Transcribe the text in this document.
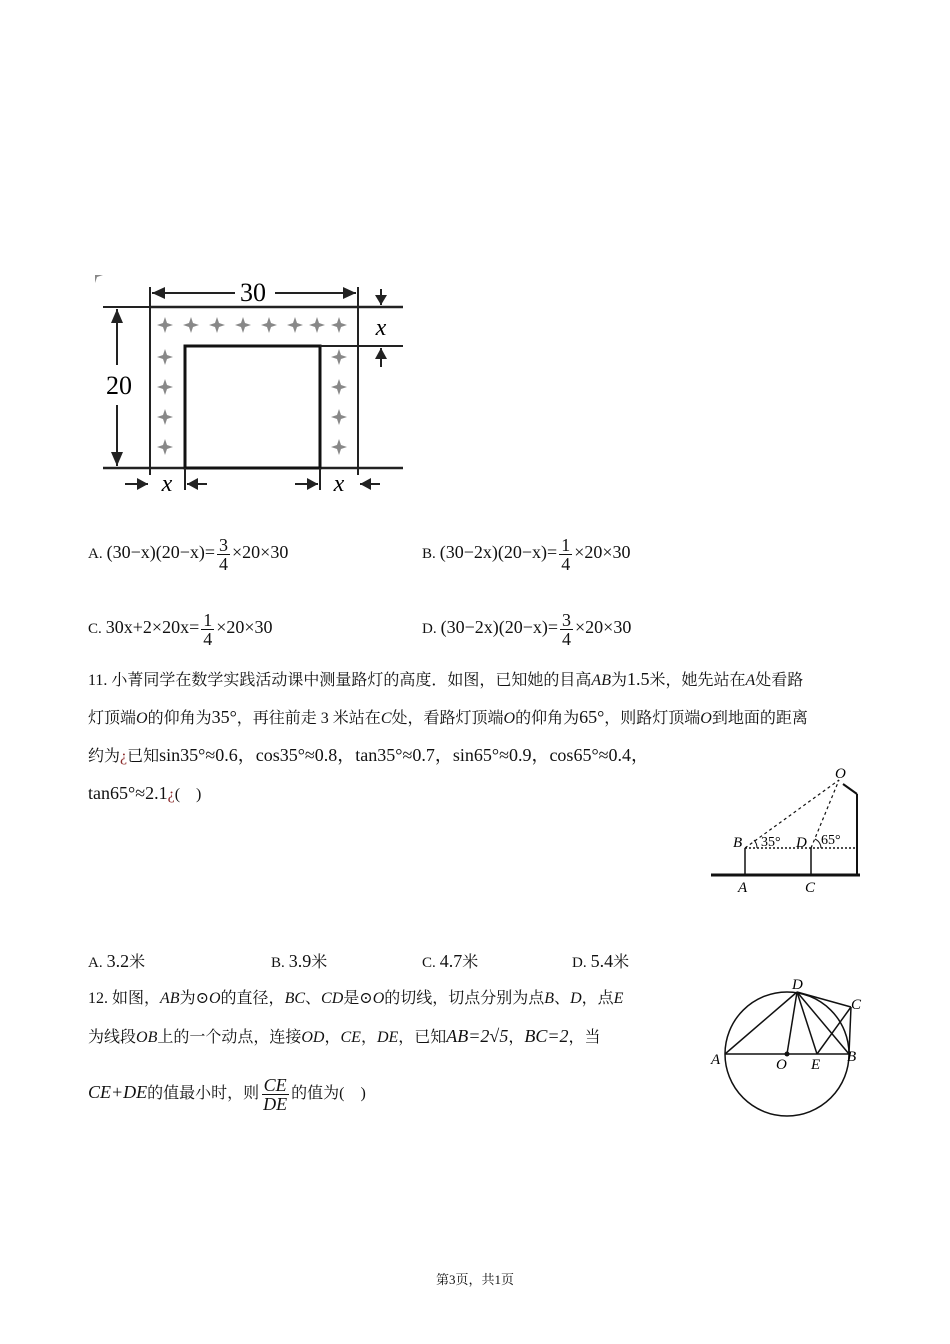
30
20
x
x	x
A. $(30-x)(20-x)= \frac{3}{4} \times 20\times 30$	B. $(30-2x)(20-x)= \frac{1}{4} \times 20\times 30$
C. $30x+2\times 20x= \frac{1}{4} \times 20\times 30$	D. $(30-2x)(20-x)= \frac{3}{4} \times 20\times 30$
11. 小菁同学在数学实践活动课中测量路灯的高度．如图，已知她的目高AB为1.5米，她先站在A处看路
灯顶端O的仰角为35°，再往前走 3 米站在C处，看路灯顶端O的仰角为65°，则路灯顶端O到地面的距离
约为¿已知sin35°≈0.6，cos35°≈0.8，tan35°≈0.7，sin65°≈0.9，cos65°≈0.4，
tan65°≈2.1¿(　)
O
B	D
A	C
35°	65°
A. 3.2米	B. 3.9米	C. 4.7米	D. 5.4米
12. 如图，AB为⊙O的直径，BC、CD是⊙O的切线，切点分别为点B、D，点E
为线段OB上的一个动点，连接OD，CE，DE，已知AB=2√5，BC=2，当
CE+DE的值最小时，则 $\frac{CE}{DE}$ 的值为(　)
A	O E B
D
C
第3页，共1页
